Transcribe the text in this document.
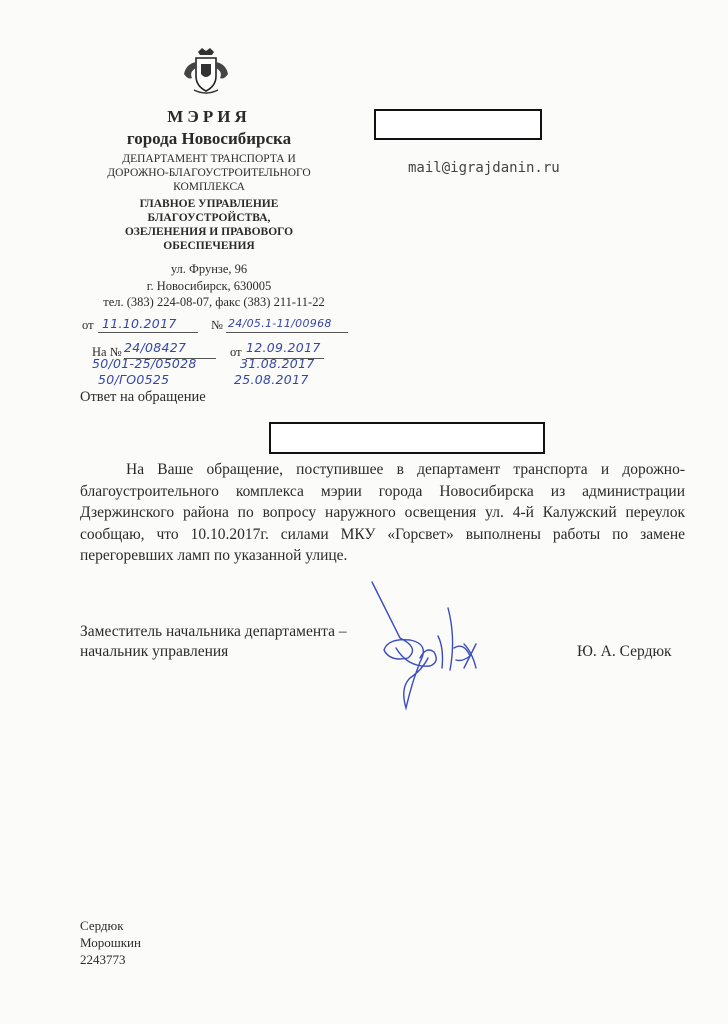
МЭРИЯ
города Новосибирска
ДЕПАРТАМЕНТ ТРАНСПОРТА И
ДОРОЖНО-БЛАГОУСТРОИТЕЛЬНОГО
КОМПЛЕКСА
ГЛАВНОЕ УПРАВЛЕНИЕ
БЛАГОУСТРОЙСТВА,
ОЗЕЛЕНЕНИЯ И ПРАВОВОГО
ОБЕСПЕЧЕНИЯ
ул. Фрунзе, 96
г. Новосибирск, 630005
тел. (383) 224-08-07, факс (383) 211-11-22
от 11.10.2017	№ 24/05.1-11/00968
На № 24/08427
50/01-25/05028
50/ГО0525
от 12.09.2017
31.08.2017
25.08.2017
mail@igrajdanin.ru
Ответ на обращение

На Ваше обращение, поступившее в департамент транспорта и дорожно-благоустроительного комплекса мэрии города Новосибирска из администрации Дзержинского района по вопросу наружного освещения ул. 4-й Калужский переулок сообщаю, что 10.10.2017г. силами МКУ «Горсвет» выполнены работы по замене перегоревших ламп по указанной улице.

Заместитель начальника департамента –
начальник управления	Ю. А. Сердюк
Сердюк
Морошкин
2243773
